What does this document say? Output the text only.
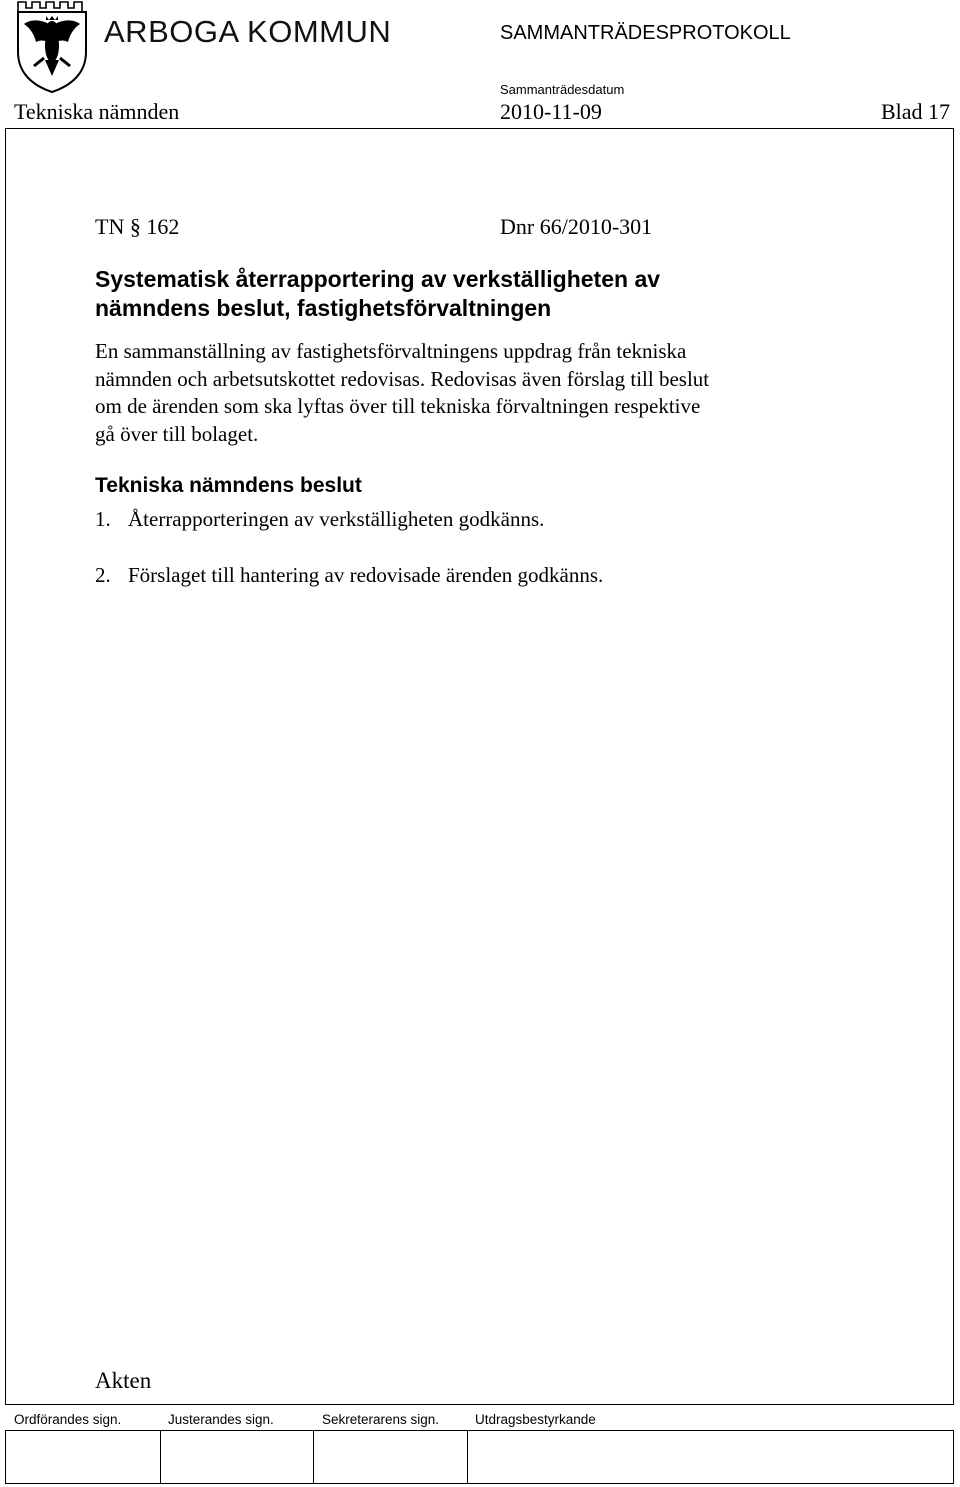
ARBOGA KOMMUN	SAMMANTRÄDESPROTOKOLL
Sammanträdesdatum
Tekniska nämnden	2010-11-09	Blad 17
TN § 162	Dnr 66/2010-301
Systematisk återrapportering av verkställigheten av
nämndens beslut, fastighetsförvaltningen
En sammanställning av fastighetsförvaltningens uppdrag från tekniska
nämnden och arbetsutskottet redovisas. Redovisas även förslag till beslut
om de ärenden som ska lyftas över till tekniska förvaltningen respektive
gå över till bolaget.
Tekniska nämndens beslut
1. Återrapporteringen av verkställigheten godkänns.
2. Förslaget till hantering av redovisade ärenden godkänns.
Akten
Ordförandes sign.	Justerandes sign.	Sekreterarens sign.	Utdragsbestyrkande
